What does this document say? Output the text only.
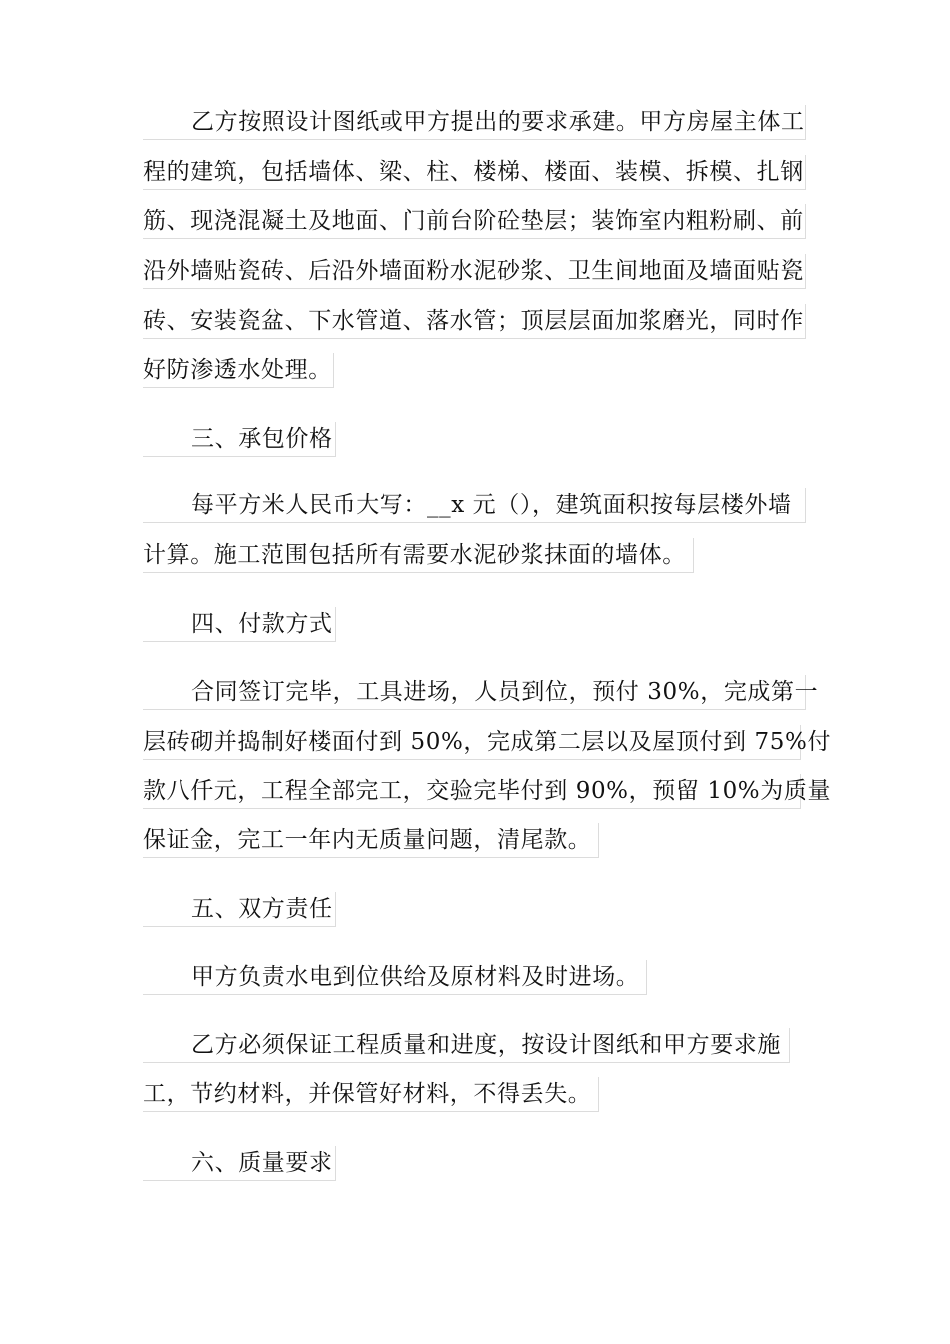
乙方按照设计图纸或甲方提出的要求承建。甲方房屋主体工
程的建筑，包括墙体、梁、柱、楼梯、楼面、装模、拆模、扎钢
筋、现浇混凝土及地面、门前台阶砼垫层；装饰室内粗粉刷、前
沿外墙贴瓷砖、后沿外墙面粉水泥砂浆、卫生间地面及墙面贴瓷
砖、安装瓷盆、下水管道、落水管；顶层层面加浆磨光，同时作
好防渗透水处理。
三、承包价格
每平方米人民币大写：__x 元（），建筑面积按每层楼外墙
计算。施工范围包括所有需要水泥砂浆抹面的墙体。
四、付款方式
合同签订完毕，工具进场，人员到位，预付 30%，完成第一
层砖砌并捣制好楼面付到 50%，完成第二层以及屋顶付到 75%付
款八仟元，工程全部完工，交验完毕付到 90%，预留 10%为质量
保证金，完工一年内无质量问题，清尾款。
五、双方责任
甲方负责水电到位供给及原材料及时进场。
乙方必须保证工程质量和进度，按设计图纸和甲方要求施
工，节约材料，并保管好材料，不得丢失。
六、质量要求
